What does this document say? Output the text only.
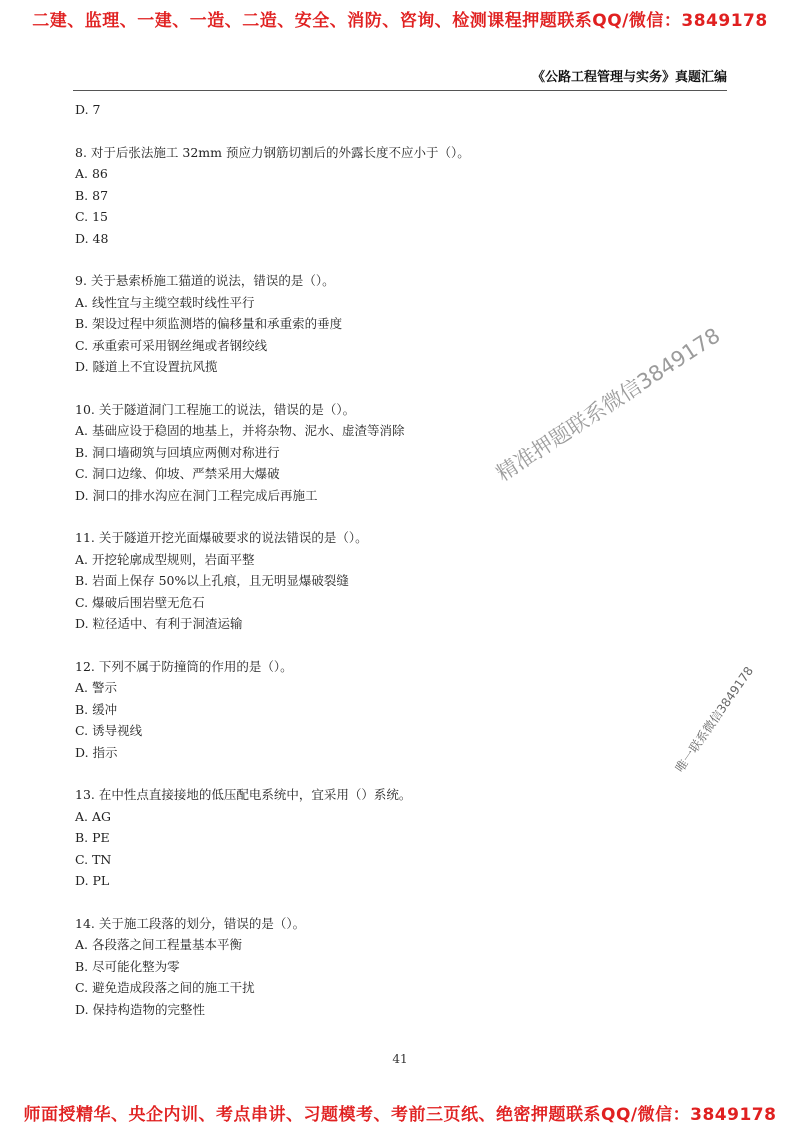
二建、监理、一建、一造、二造、安全、消防、咨询、检测课程押题联系QQ/微信：3849178
《公路工程管理与实务》真题汇编
D. 7
8. 对于后张法施工 32mm 预应力钢筋切割后的外露长度不应小于（）。
A. 86
B. 87
C. 15
D. 48
9. 关于悬索桥施工猫道的说法，错误的是（）。
A. 线性宜与主缆空载时线性平行
B. 架设过程中须监测塔的偏移量和承重索的垂度
C. 承重索可采用钢丝绳或者钢绞线
D. 隧道上不宜设置抗风揽
10. 关于隧道洞门工程施工的说法，错误的是（）。
A. 基础应设于稳固的地基上，并将杂物、泥水、虚渣等消除
B. 洞口墙砌筑与回填应两侧对称进行
C. 洞口边缘、仰坡、严禁采用大爆破
D. 洞口的排水沟应在洞门工程完成后再施工
11. 关于隧道开挖光面爆破要求的说法错误的是（）。
A. 开挖轮廓成型规则，岩面平整
B. 岩面上保存 50%以上孔痕，且无明显爆破裂缝
C. 爆破后围岩壁无危石
D. 粒径适中、有利于洞渣运输
12. 下列不属于防撞筒的作用的是（）。
A. 警示
B. 缓冲
C. 诱导视线
D. 指示
13. 在中性点直接接地的低压配电系统中，宜采用（）系统。
A. AG
B. PE
C. TN
D. PL
14. 关于施工段落的划分，错误的是（）。
A. 各段落之间工程量基本平衡
B. 尽可能化整为零
C. 避免造成段落之间的施工干扰
D. 保持构造物的完整性
精准押题联系微信3849178
唯一联系微信3849178
41
师面授精华、央企内训、考点串讲、习题模考、考前三页纸、绝密押题联系QQ/微信：3849178
